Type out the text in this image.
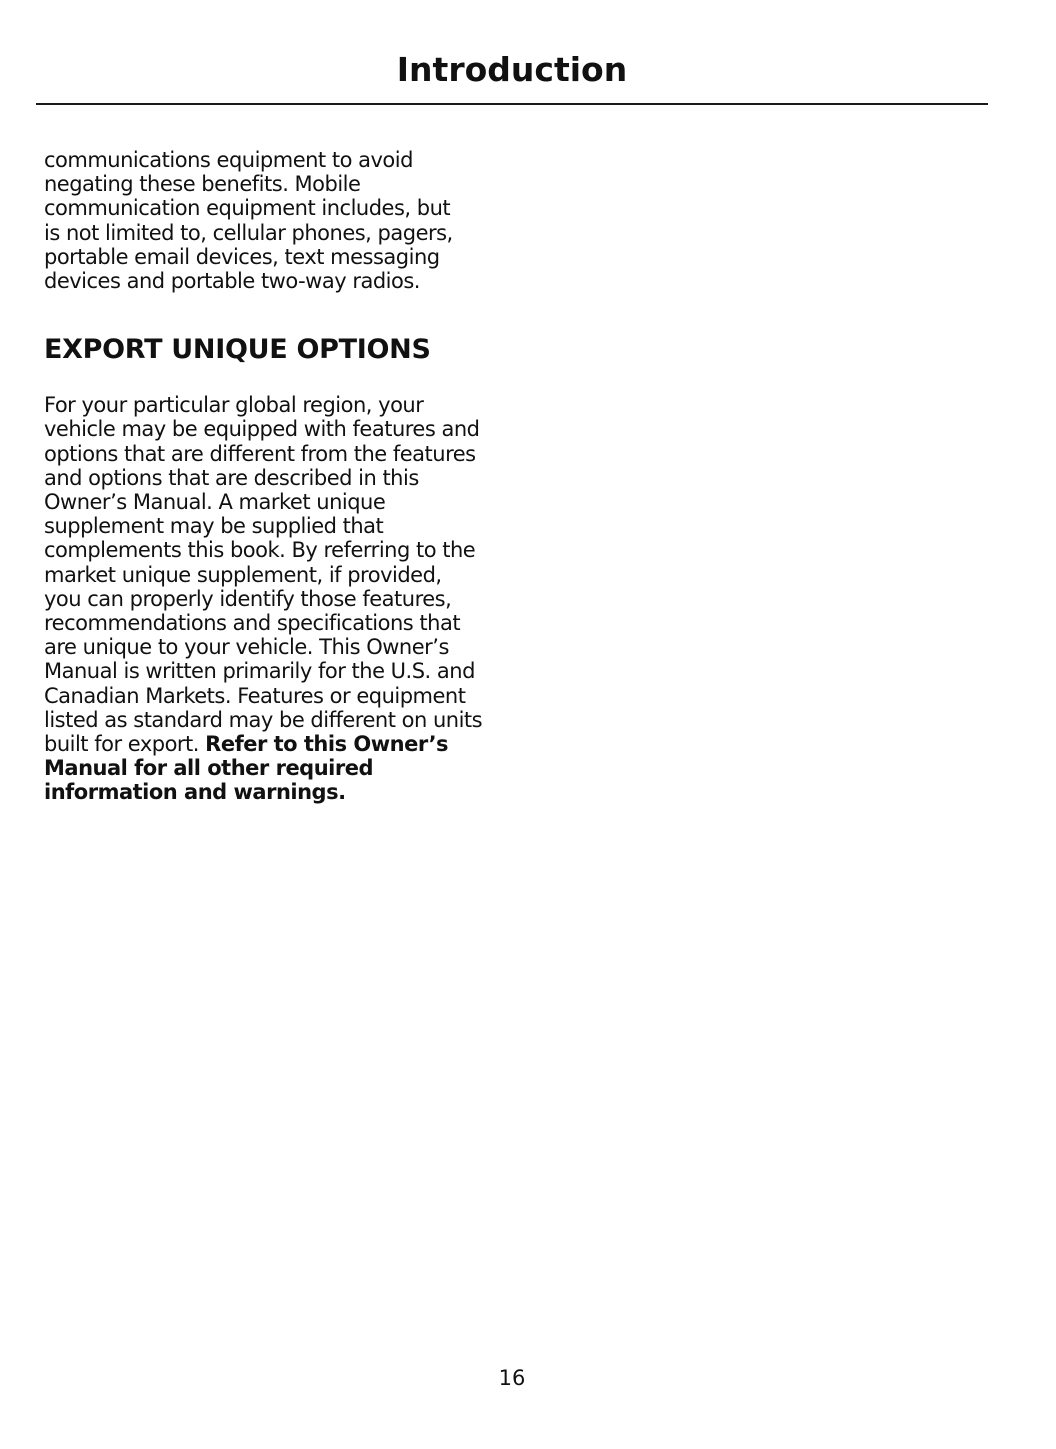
Introduction

communications equipment to avoid
negating these benefits. Mobile
communication equipment includes, but
is not limited to, cellular phones, pagers,
portable email devices, text messaging
devices and portable two-way radios.

EXPORT UNIQUE OPTIONS

For your particular global region, your
vehicle may be equipped with features and
options that are different from the features
and options that are described in this
Owner’s Manual. A market unique
supplement may be supplied that
complements this book. By referring to the
market unique supplement, if provided,
you can properly identify those features,
recommendations and specifications that
are unique to your vehicle. This Owner’s
Manual is written primarily for the U.S. and
Canadian Markets. Features or equipment
listed as standard may be different on units
built for export. Refer to this Owner’s
Manual for all other required
information and warnings.

16
